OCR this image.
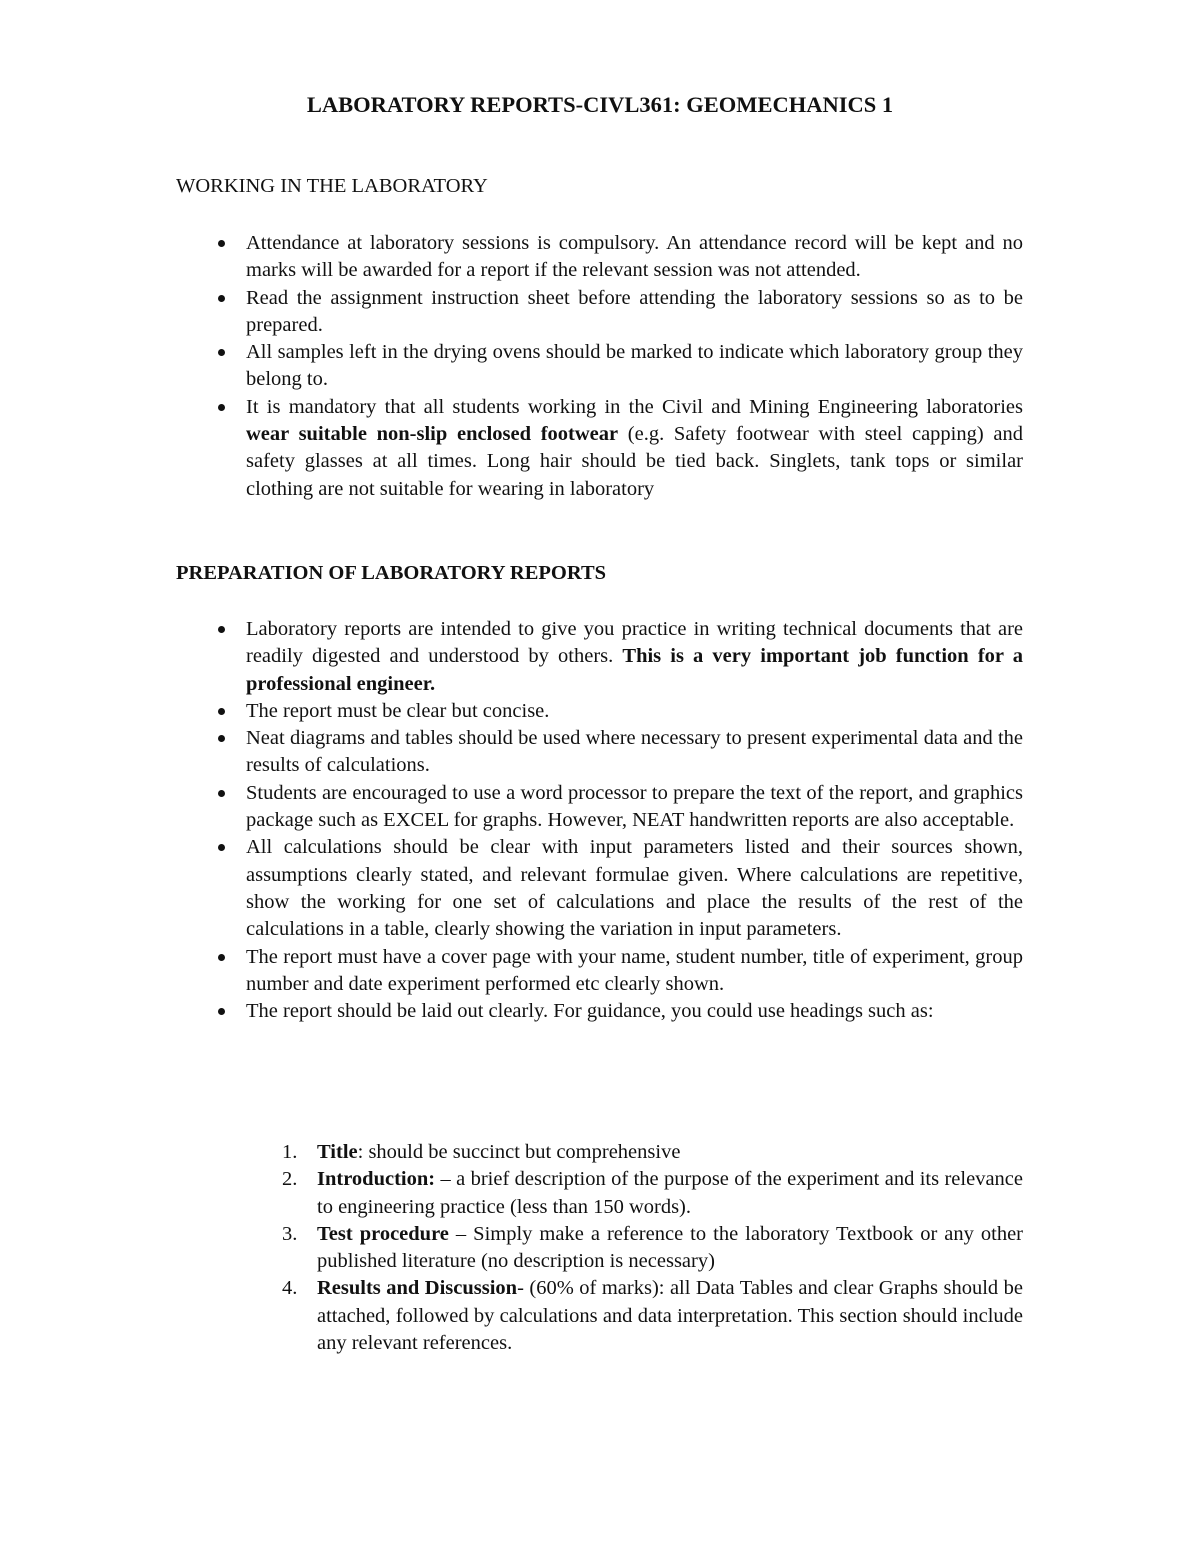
LABORATORY REPORTS-CIVL361: GEOMECHANICS 1
WORKING IN THE LABORATORY
Attendance at laboratory sessions is compulsory. An attendance record will be kept and no marks will be awarded for a report if the relevant session was not attended.
Read the assignment instruction sheet before attending the laboratory sessions so as to be prepared.
All samples left in the drying ovens should be marked to indicate which laboratory group they belong to.
It is mandatory that all students working in the Civil and Mining Engineering laboratories wear suitable non-slip enclosed footwear (e.g. Safety footwear with steel capping) and safety glasses at all times. Long hair should be tied back. Singlets, tank tops or similar clothing are not suitable for wearing in laboratory
PREPARATION OF LABORATORY REPORTS
Laboratory reports are intended to give you practice in writing technical documents that are readily digested and understood by others. This is a very important job function for a professional engineer.
The report must be clear but concise.
Neat diagrams and tables should be used where necessary to present experimental data and the results of calculations.
Students are encouraged to use a word processor to prepare the text of the report, and graphics package such as EXCEL for graphs. However, NEAT handwritten reports are also acceptable.
All calculations should be clear with input parameters listed and their sources shown, assumptions clearly stated, and relevant formulae given. Where calculations are repetitive, show the working for one set of calculations and place the results of the rest of the calculations in a table, clearly showing the variation in input parameters.
The report must have a cover page with your name, student number, title of experiment, group number and date experiment performed etc clearly shown.
The report should be laid out clearly. For guidance, you could use headings such as:
1. Title: should be succinct but comprehensive
2. Introduction: – a brief description of the purpose of the experiment and its relevance to engineering practice (less than 150 words).
3. Test procedure – Simply make a reference to the laboratory Textbook or any other published literature (no description is necessary)
4. Results and Discussion- (60% of marks): all Data Tables and clear Graphs should be attached, followed by calculations and data interpretation. This section should include any relevant references.
